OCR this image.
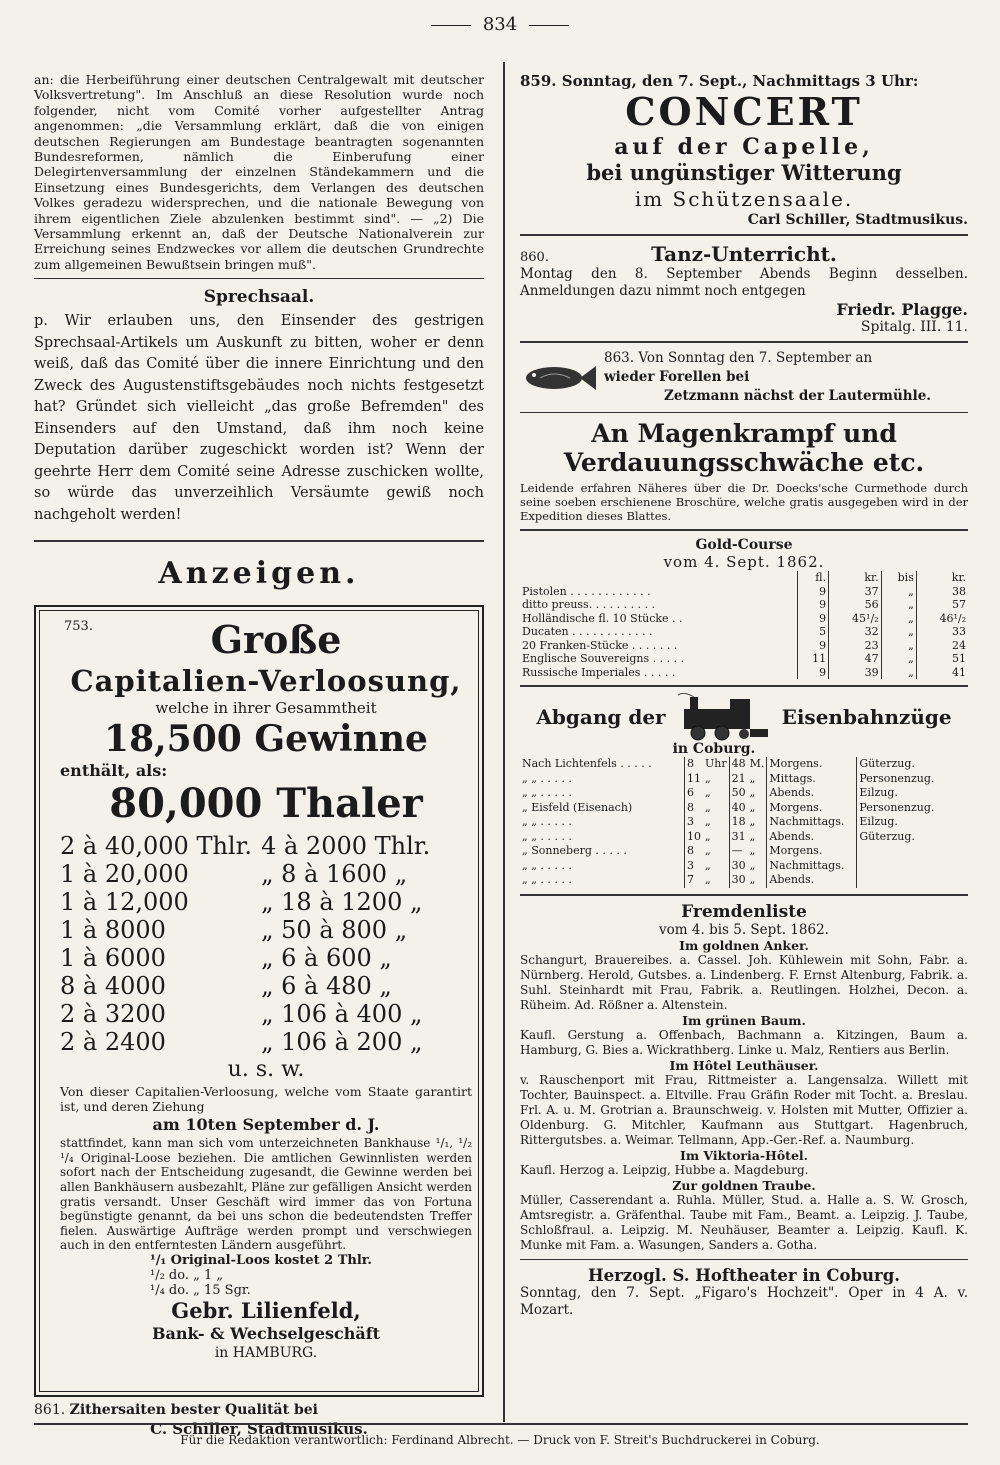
834

an: die Herbeiführung einer deutschen Centralgewalt mit deutscher Volksvertretung". Im Anschluß an diese Resolution wurde noch folgender, nicht vom Comité vorher aufgestellter Antrag angenommen: „die Versammlung erklärt, daß die von einigen deutschen Regierungen am Bundestage beantragten sogenannten Bundesreformen, nämlich die Einberufung einer Delegirtenversammlung der einzelnen Ständekammern und die Einsetzung eines Bundesgerichts, dem Verlangen des deutschen Volkes geradezu widersprechen, und die nationale Bewegung von ihrem eigentlichen Ziele abzulenken bestimmt sind". — „2) Die Versammlung erkennt an, daß der Deutsche Nationalverein zur Erreichung seines Endzweckes vor allem die deutschen Grundrechte zum allgemeinen Bewußtsein bringen muß".

Sprechsaal.

p. Wir erlauben uns, den Einsender des gestrigen Sprechsaal-Artikels um Auskunft zu bitten, woher er denn weiß, daß das Comité über die innere Einrichtung und den Zweck des Augustenstiftsgebäudes noch nichts festgesetzt hat? Gründet sich vielleicht „das große Befremden" des Einsenders auf den Umstand, daß ihm noch keine Deputation darüber zugeschickt worden ist? Wenn der geehrte Herr dem Comité seine Adresse zuschicken wollte, so würde das unverzeihlich Versäumte gewiß noch nachgeholt werden!

Anzeigen.
753.	Große
Capitalien-Verloosung,
welche in ihrer Gesammtheit
18,500 Gewinne
enthält, als:
80,000 Thaler
2 à 40,000 Thlr. 4 à 2000 Thlr.
1 à 20,000	„ 8 à 1600 „
1 à 12,000	„ 18 à 1200 „
1 à 8000	„ 50 à 800 „
1 à 6000	„ 6 à 600 „
8 à 4000	„ 6 à 480 „
2 à 3200	„ 106 à 400 „
2 à 2400	„ 106 à 200 „
u. s. w.

Von dieser Capitalien-Verloosung, welche vom Staate garantirt ist, und deren Ziehung

am 10ten September d. J.

stattfindet, kann man sich vom unterzeichneten Bankhause ¹/₁, ¹/₂ ¹/₄ Original-Loose beziehen. Die amtlichen Gewinnlisten werden sofort nach der Entscheidung zugesandt, die Gewinne werden bei allen Bankhäusern ausbezahlt, Pläne zur gefälligen Ansicht werden gratis versandt. Unser Geschäft wird immer das von Fortuna begünstigte genannt, da bei uns schon die bedeutendsten Treffer fielen. Auswärtige Aufträge werden prompt und verschwiegen auch in den entferntesten Ländern ausgeführt.

¹/₁ Original-Loos kostet 2 Thlr.
¹/₂ do. „ 1 „
¹/₄ do. „ 15 Sgr.
Gebr. Lilienfeld,
Bank- & Wechselgeschäft
in HAMBURG.
861. Zithersaiten bester Qualität bei
C. Schiller, Stadtmusikus.
859. Sonntag, den 7. Sept., Nachmittags 3 Uhr:
CONCERT
auf der Capelle,
bei ungünstiger Witterung
im Schützensaale.
Carl Schiller, Stadtmusikus.
860.	Tanz-Unterricht.

Montag den 8. September Abends Beginn desselben. Anmeldungen dazu nimmt noch entgegen

Friedr. Plagge.
Spitalg. III. 11.
863. Von Sonntag den 7. September an
wieder Forellen bei
Zetzmann nächst der Lautermühle.
An Magenkrampf und Verdauungsschwäche etc.

Leidende erfahren Näheres über die Dr. Doecks'sche Curmethode durch seine soeben erschienene Broschüre, welche gratis ausgegeben wird in der Expedition dieses Blattes.

Gold-Course
vom 4. Sept. 1862.
	fl.	kr.	bis	kr.
Pistolen . . . . . . . . . . . .	9	37	„	38
ditto preuss. . . . . . . . . .	9	56	„	57
Holländische fl. 10 Stücke . .	9	45¹/₂	„	46¹/₂
Ducaten . . . . . . . . . . . .	5	32	„	33
20 Franken-Stücke . . . . . . .	9	23	„	24
Englische Souvereigns . . . . .	11	47	„	51
Russische Imperiales . . . . .	9	39	„	41
Abgang der	Eisenbahnzüge
in Coburg.
Nach Lichtenfels . . . . .	8	Uhr	48	M.	Morgens.	Güterzug.
„ „ . . . . .	11	„	21	„	Mittags.	Personenzug.
„ „ . . . . .	6	„	50	„	Abends.	Eilzug.
„ Eisfeld (Eisenach)	8	„	40	„	Morgens.	Personenzug.
„ „ . . . . .	3	„	18	„	Nachmittags.	Eilzug.
„ „ . . . . .	10	„	31	„	Abends.	Güterzug.
„ Sonneberg . . . . .	8	„	—	„	Morgens.	
„ „ . . . . .	3	„	30	„	Nachmittags.	
„ „ . . . . .	7	„	30	„	Abends.	
Fremdenliste
vom 4. bis 5. Sept. 1862.
Im goldnen Anker.

Schangurt, Brauereibes. a. Cassel. Joh. Kühlewein mit Sohn, Fabr. a. Nürnberg. Herold, Gutsbes. a. Lindenberg. F. Ernst Altenburg, Fabrik. a. Suhl. Steinhardt mit Frau, Fabrik. a. Reutlingen. Holzhei, Decon. a. Rüheim. Ad. Rößner a. Altenstein.

Im grünen Baum.

Kaufl. Gerstung a. Offenbach, Bachmann a. Kitzingen, Baum a. Hamburg, G. Bies a. Wickrathberg. Linke u. Malz, Rentiers aus Berlin.

Im Hôtel Leuthäuser.

v. Rauschenport mit Frau, Rittmeister a. Langensalza. Willett mit Tochter, Bauinspect. a. Eltville. Frau Gräfin Roder mit Tocht. a. Breslau. Frl. A. u. M. Grotrian a. Braunschweig. v. Holsten mit Mutter, Offizier a. Oldenburg. G. Mitchler, Kaufmann aus Stuttgart. Hagenbruch, Rittergutsbes. a. Weimar. Tellmann, App.-Ger.-Ref. a. Naumburg.

Im Viktoria-Hôtel.

Kaufl. Herzog a. Leipzig, Hubbe a. Magdeburg.

Zur goldnen Traube.

Müller, Casserendant a. Ruhla. Müller, Stud. a. Halle a. S. W. Grosch, Amtsregistr. a. Gräfenthal. Taube mit Fam., Beamt. a. Leipzig. J. Taube, Schloßfraul. a. Leipzig. M. Neuhäuser, Beamter a. Leipzig. Kaufl. K. Munke mit Fam. a. Wasungen, Sanders a. Gotha.

Herzogl. S. Hoftheater in Coburg.

Sonntag, den 7. Sept. „Figaro's Hochzeit". Oper in 4 A. v. Mozart.

Für die Redaktion verantwortlich: Ferdinand Albrecht. — Druck von F. Streit's Buchdruckerei in Coburg.
